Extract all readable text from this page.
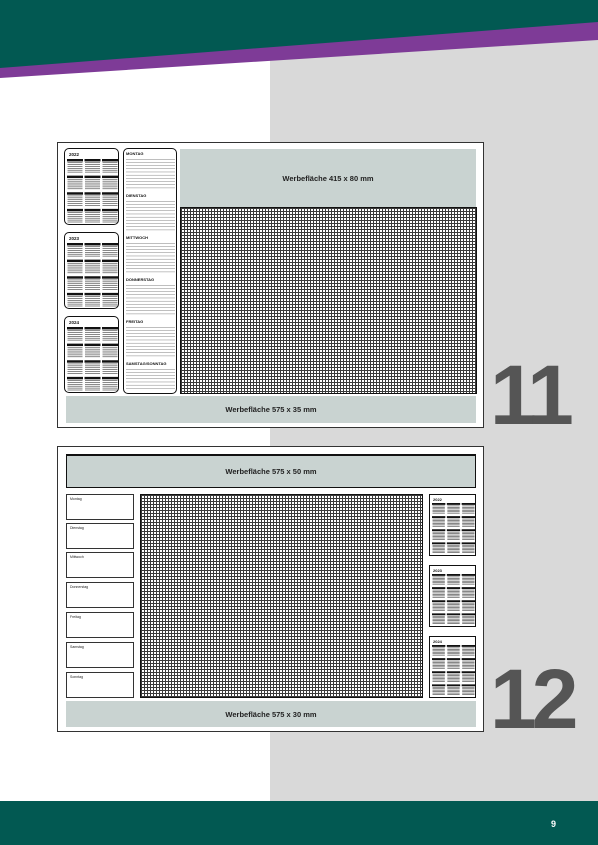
2022
2023
2024
MONTAG
DIENSTAG
MITTWOCH
DONNERSTAG
FREITAG
SAMSTAG/SONNTAG
Werbefläche 415 x 80 mm
Werbefläche 575 x 35 mm	11
Werbefläche 575 x 50 mm
Montag
Dienstag
Mittwoch
Donnerstag
Freitag
Samstag
Sonntag
2022
2023
2024
Werbefläche 575 x 30 mm	12
9
